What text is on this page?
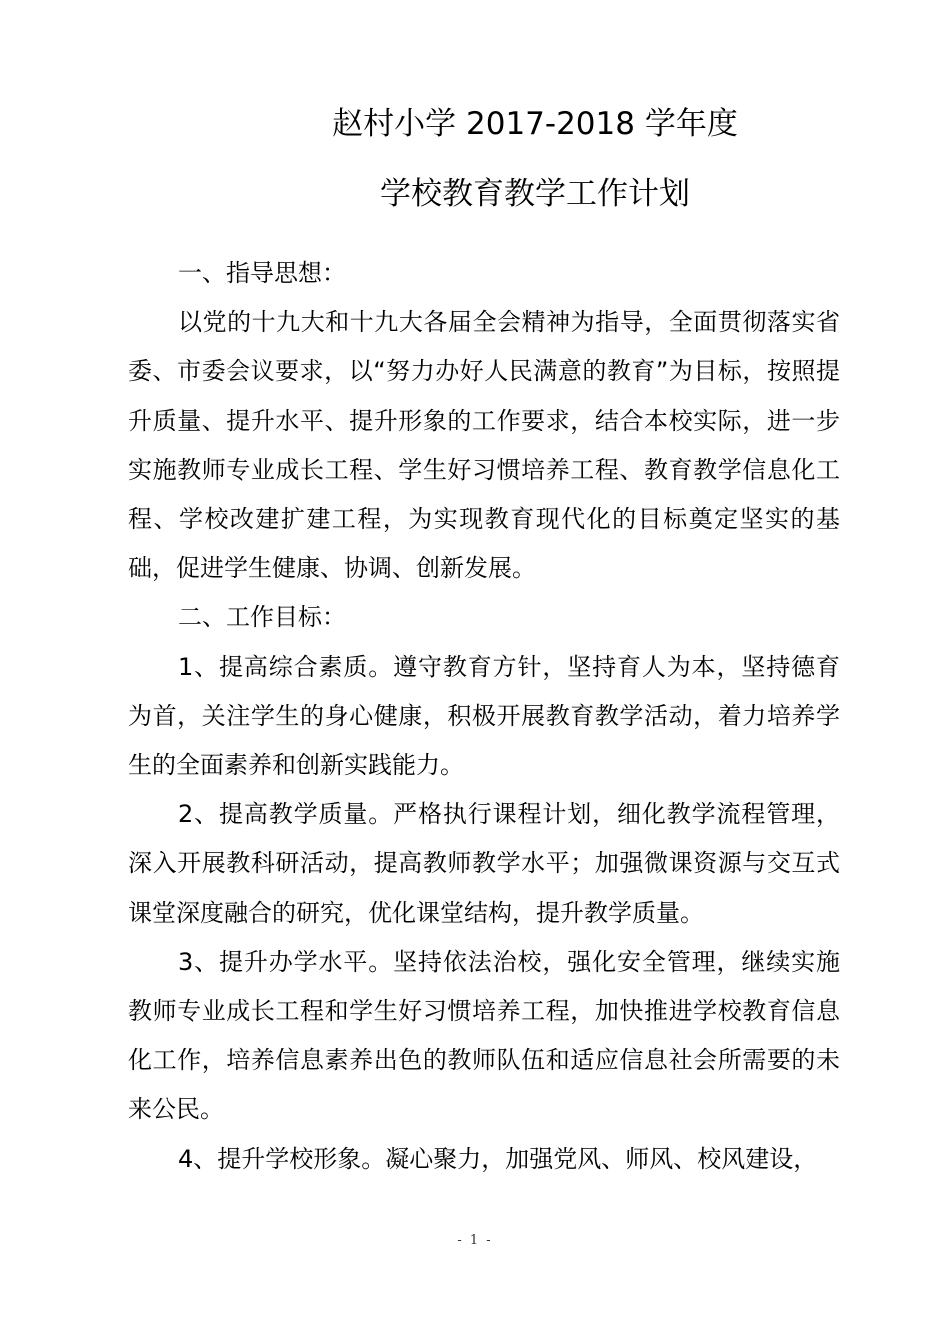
赵村小学 2017-2018 学年度
学校教育教学工作计划

一、指导思想：

以党的十九大和十九大各届全会精神为指导，全面贯彻落实省委、市委会议要求，以“努力办好人民满意的教育”为目标，按照提升质量、提升水平、提升形象的工作要求，结合本校实际，进一步实施教师专业成长工程、学生好习惯培养工程、教育教学信息化工程、学校改建扩建工程，为实现教育现代化的目标奠定坚实的基础，促进学生健康、协调、创新发展。

二、工作目标：

1、提高综合素质。遵守教育方针，坚持育人为本，坚持德育为首，关注学生的身心健康，积极开展教育教学活动，着力培养学生的全面素养和创新实践能力。

2、提高教学质量。严格执行课程计划，细化教学流程管理，深入开展教科研活动，提高教师教学水平；加强微课资源与交互式课堂深度融合的研究，优化课堂结构，提升教学质量。

3、提升办学水平。坚持依法治校，强化安全管理，继续实施教师专业成长工程和学生好习惯培养工程，加快推进学校教育信息化工作，培养信息素养出色的教师队伍和适应信息社会所需要的未来公民。

4、提升学校形象。凝心聚力，加强党风、师风、校风建设，

- 1 -
